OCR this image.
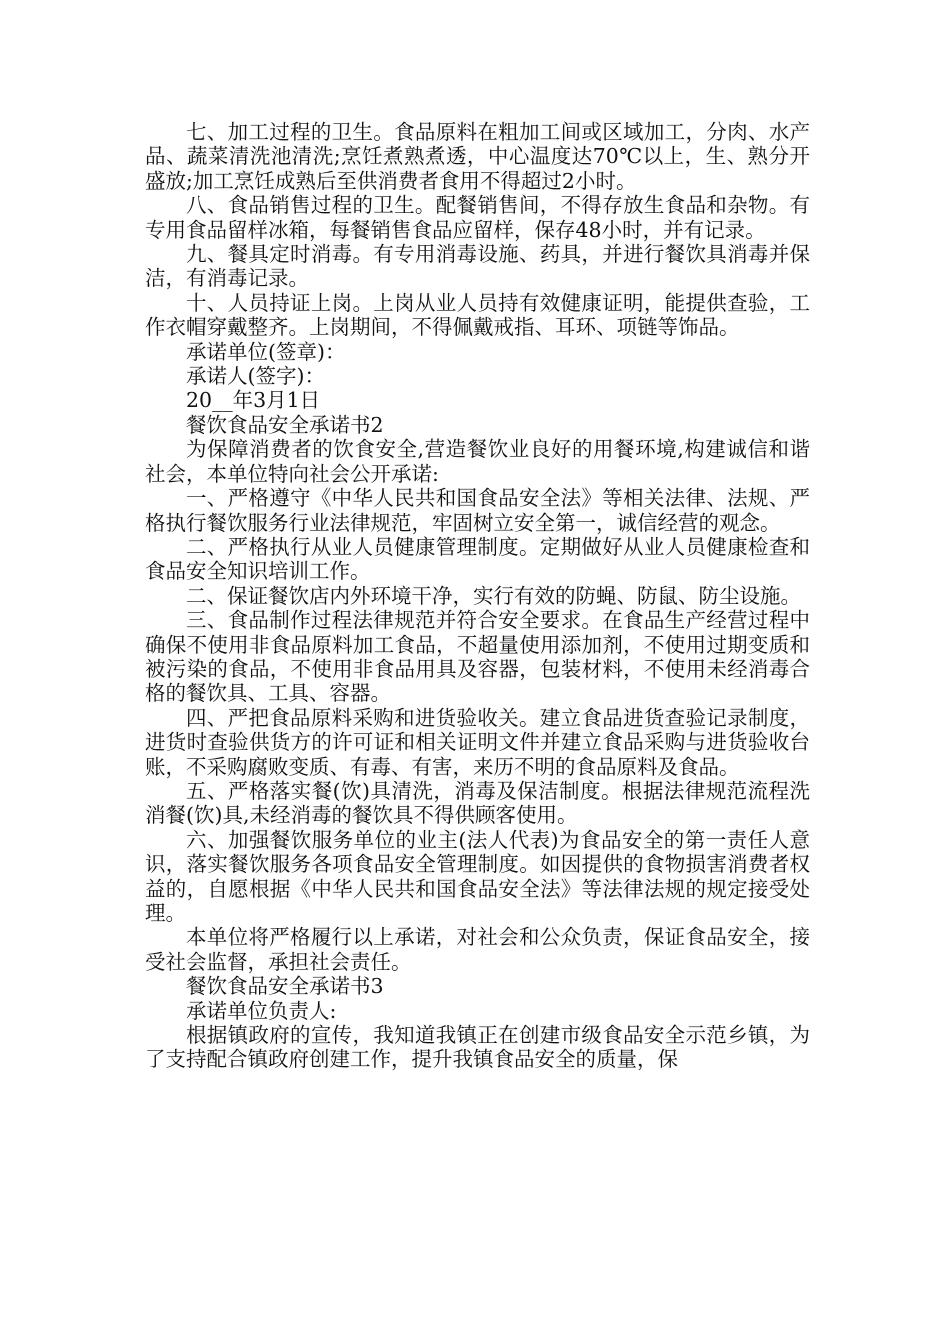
七、加工过程的卫生。食品原料在粗加工间或区域加工，分肉、水产品、蔬菜清洗池清洗;烹饪煮熟煮透，中心温度达70℃以上，生、熟分开盛放;加工烹饪成熟后至供消费者食用不得超过2小时。

八、食品销售过程的卫生。配餐销售间，不得存放生食品和杂物。有专用食品留样冰箱，每餐销售食品应留样，保存48小时，并有记录。

九、餐具定时消毒。有专用消毒设施、药具，并进行餐饮具消毒并保洁，有消毒记录。

十、人员持证上岗。上岗从业人员持有效健康证明，能提供查验，工作衣帽穿戴整齐。上岗期间，不得佩戴戒指、耳环、项链等饰品。

承诺单位(签章)：

承诺人(签字)：

20__年3月1日

餐饮食品安全承诺书2

为保障消费者的饮食安全,营造餐饮业良好的用餐环境,构建诚信和谐社会，本单位特向社会公开承诺:

一、严格遵守《中华人民共和国食品安全法》等相关法律、法规、严格执行餐饮服务行业法律规范，牢固树立安全第一，诚信经营的观念。

二、严格执行从业人员健康管理制度。定期做好从业人员健康检查和食品安全知识培训工作。

二、保证餐饮店内外环境干净，实行有效的防蝇、防鼠、防尘设施。

三、食品制作过程法律规范并符合安全要求。在食品生产经营过程中确保不使用非食品原料加工食品，不超量使用添加剂，不使用过期变质和被污染的食品，不使用非食品用具及容器，包装材料，不使用未经消毒合格的餐饮具、工具、容器。

四、严把食品原料采购和进货验收关。建立食品进货查验记录制度，进货时查验供货方的许可证和相关证明文件并建立食品采购与进货验收台账，不采购腐败变质、有毒、有害，来历不明的食品原料及食品。

五、严格落实餐(饮)具清洗，消毒及保洁制度。根据法律规范流程洗消餐(饮)具,未经消毒的餐饮具不得供顾客使用。

六、加强餐饮服务单位的业主(法人代表)为食品安全的第一责任人意识，落实餐饮服务各项食品安全管理制度。如因提供的食物损害消费者权益的，自愿根据《中华人民共和国食品安全法》等法律法规的规定接受处理。

本单位将严格履行以上承诺，对社会和公众负责，保证食品安全，接受社会监督，承担社会责任。

餐饮食品安全承诺书3

承诺单位负责人:

根据镇政府的宣传，我知道我镇正在创建市级食品安全示范乡镇，为了支持配合镇政府创建工作，提升我镇食品安全的质量，保
